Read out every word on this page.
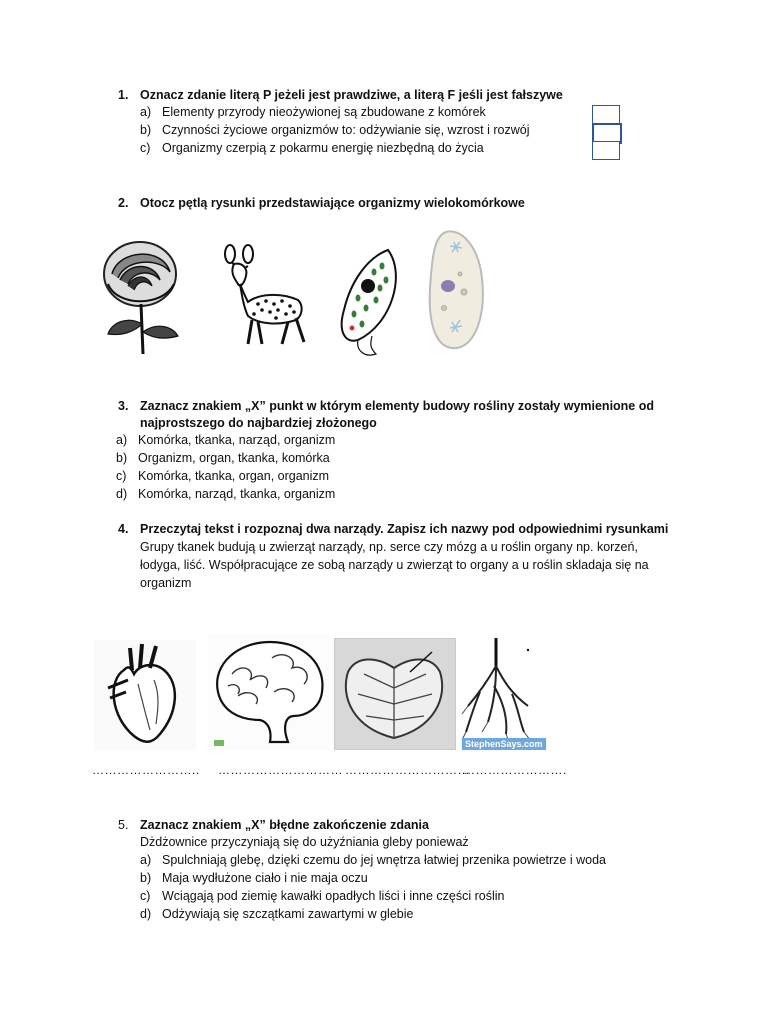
1. Oznacz zdanie literą P jeżeli jest prawdziwe, a literą F jeśli jest fałszywe
a) Elementy przyrody nieożywionej są zbudowane z komórek
b) Czynności życiowe organizmów to: odżywianie się, wzrost i rozwój
c) Organizmy czerpią z pokarmu energię niezbędną do życia
2. Otocz pętlą rysunki przedstawiające organizmy wielokomórkowe
3. Zaznacz znakiem „X” punkt w którym elementy budowy rośliny zostały wymienione od
najprostszego do najbardziej złożonego
a) Komórka, tkanka, narząd, organizm
b) Organizm, organ, tkanka, komórka
c) Komórka, tkanka, organ, organizm
d) Komórka, narząd, tkanka, organizm
4. Przeczytaj tekst i rozpoznaj dwa narządy. Zapisz ich nazwy pod odpowiednimi rysunkami
Grupy tkanek budują u zwierząt narządy, np. serce czy mózg a u roślin organy np. korzeń,
łodyga, liść. Współpracujące ze sobą narządy u zwierząt to organy a u roślin skladaja się na
organizm
StephenSays.com
…………………….. ………………………… …………………………
…………………….
5. Zaznacz znakiem „X” błędne zakończenie zdania
Dżdżownice przyczyniają się do użyźniania gleby ponieważ
a) Spulchniają glebę, dzięki czemu do jej wnętrza łatwiej przenika powietrze i woda
b) Maja wydłużone ciało i nie maja oczu
c) Wciągają pod ziemię kawałki opadłych liści i inne części roślin
d) Odżywiają się szczątkami zawartymi w glebie
